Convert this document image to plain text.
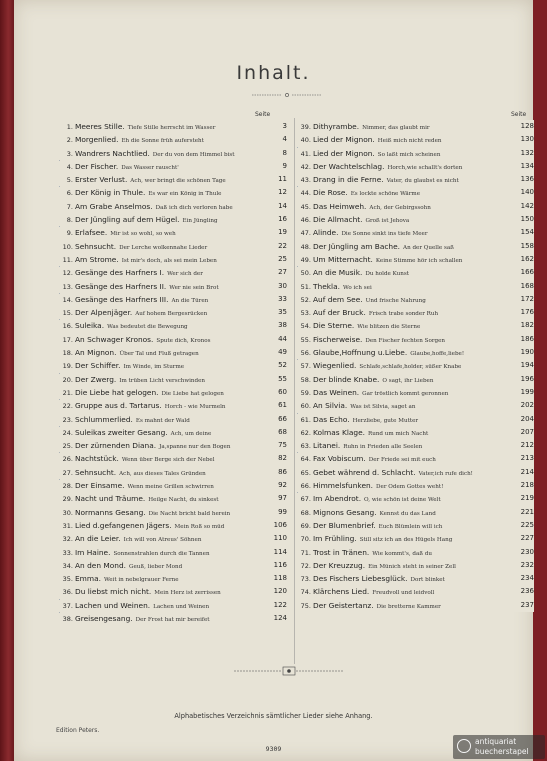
Inhalt.
Seite	Seite
1. Meeres Stille. Tiefe Stille herrscht im Wasser	3
2. Morgenlied. Eh die Sonne früh aufersteht	4
3. Wandrers Nachtlied. Der du von dem Himmel bist	8
4. Der Fischer. Das Wasser rauscht'	9
5. Erster Verlust. Ach, wer bringt die schönen Tage	11
6. Der König in Thule. Es war ein König in Thule	12
7. Am Grabe Anselmos. Daß ich dich verloren habe	14
8. Der Jüngling auf dem Hügel. Ein Jüngling	16
9. Erlafsee. Mir ist so wohl, so weh	19
10. Sehnsucht. Der Lerche wolkennahe Lieder	22
11. Am Strome. Ist mir's doch, als sei mein Leben	25
12. Gesänge des Harfners I. Wer sich der	27
13. Gesänge des Harfners II. Wer nie sein Brot	30
14. Gesänge des Harfners III. An die Türen	33
15. Der Alpenjäger. Auf hohem Bergesrücken	35
16. Suleika. Was bedeutet die Bewegung	38
17. An Schwager Kronos. Spute dich, Kronos	44
18. An Mignon. Über Tal und Fluß getragen	49
19. Der Schiffer. Im Winde, im Sturme	52
20. Der Zwerg. Im trüben Licht verschwinden	55
21. Die Liebe hat gelogen. Die Liebe hat gelogen	60
22. Gruppe aus d. Tartarus. Horch - wie Murmeln	61
23. Schlummerlied. Es mahnt der Wald	66
24. Suleikas zweiter Gesang. Ach, um deine	68
25. Der zürnenden Diana. Ja,spanne nur den Bogen	75
26. Nachtstück. Wenn über Berge sich der Nebel	82
27. Sehnsucht. Ach, aus dieses Tales Gründen	86
28. Der Einsame. Wenn meine Grillen schwirren	92
29. Nacht und Träume. Heilge Nacht, du sinkest	97
30. Normanns Gesang. Die Nacht bricht bald herein	99
31. Lied d.gefangenen Jägers. Mein Roß so müd	106
32. An die Leier. Ich will von Atreus' Söhnen	110
33. Im Haine. Sonnenstrahlen durch die Tannen	114
34. An den Mond. Geuß, lieber Mond	116
35. Emma. Weit in nebelgrauer Ferne	118
36. Du liebst mich nicht. Mein Herz ist zerrissen	120
37. Lachen und Weinen. Lachen und Weinen	122
38. Greisengesang. Der Frost hat mir bereifet	124
39. Dithyrambe. Nimmer, das glaubt mir	128
40. Lied der Mignon. Heiß mich nicht reden	130
41. Lied der Mignon. So laßt mich scheinen	132
42. Der Wachtelschlag. Horch,wie schallt's dorten	134
43. Drang in die Ferne. Vater, du glaubst es nicht	136
44. Die Rose. Es lockte schöne Wärme	140
45. Das Heimweh. Ach, der Gebirgssohn	142
46. Die Allmacht. Groß ist Jehova	150
47. Alinde. Die Sonne sinkt ins tiefe Meer	154
48. Der Jüngling am Bache. An der Quelle saß	158
49. Um Mitternacht. Keine Stimme hör ich schallen	162
50. An die Musik. Du holde Kunst	166
51. Thekla. Wo ich sei	168
52. Auf dem See. Und frische Nahrung	172
53. Auf der Bruck. Frisch trabe sonder Ruh	176
54. Die Sterne. Wie blitzen die Sterne	182
55. Fischerweise. Den Fischer fechten Sorgen	186
56. Glaube,Hoffnung u.Liebe. Glaube,hoffe,liebe!	190
57. Wiegenlied. Schlafe,schlafe,holder, süßer Knabe	194
58. Der blinde Knabe. O sagt, ihr Lieben	196
59. Das Weinen. Gar tröstlich kommt geronnen	199
60. An Silvia. Was ist Silvia, saget an	202
61. Das Echo. Herzliebe, gute Mutter	204
62. Kolmas Klage. Rund um mich Nacht	207
63. Litanei. Ruhn in Frieden alle Seelen	212
64. Fax Vobiscum. Der Friede sei mit euch	213
65. Gebet während d. Schlacht. Vater,ich rufe dich!	214
66. Himmelsfunken. Der Odem Gottes weht!	218
67. Im Abendrot. O, wie schön ist deine Welt	219
68. Mignons Gesang. Kennst du das Land	221
69. Der Blumenbrief. Euch Blümlein will ich	225
70. Im Frühling. Still sitz ich an des Hügels Hang	227
71. Trost in Tränen. Wie kommt's, daß du	230
72. Der Kreuzzug. Ein Münich steht in seiner Zell	232
73. Des Fischers Liebesglück. Dort blinket	234
74. Klärchens Lied. Freudvoll und leidvoll	236
75. Der Geistertanz. Die bretterne Kammer	237
Alphabetisches Verzeichnis sämtlicher Lieder siehe Anhang.
Edition Peters.
9309
antiquariat
buecherstapel
